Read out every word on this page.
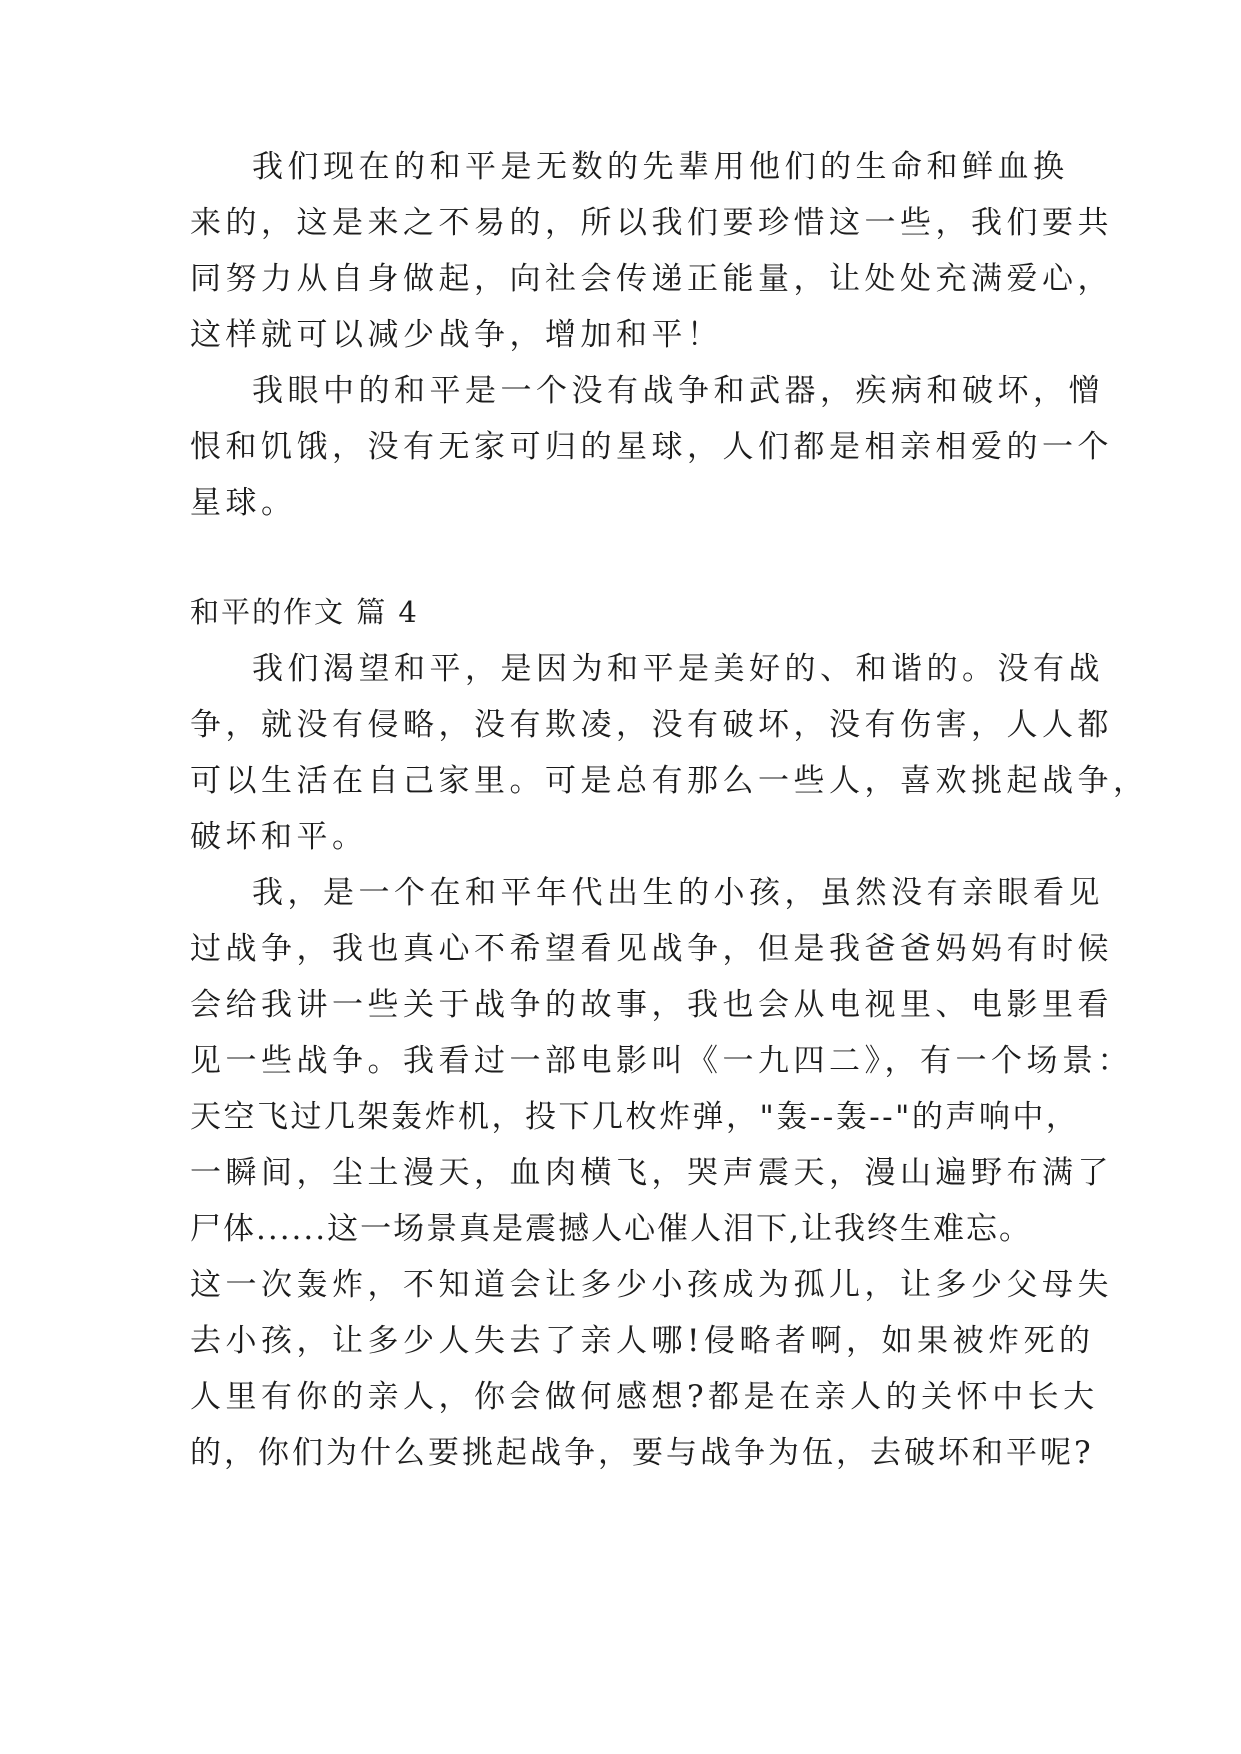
我们现在的和平是无数的先辈用他们的生命和鲜血换

来的，这是来之不易的，所以我们要珍惜这一些，我们要共

同努力从自身做起，向社会传递正能量，让处处充满爱心，

这样就可以减少战争，增加和平！

我眼中的和平是一个没有战争和武器，疾病和破坏，憎

恨和饥饿，没有无家可归的星球，人们都是相亲相爱的一个

星球。

和平的作文 篇 4

我们渴望和平，是因为和平是美好的、和谐的。没有战

争，就没有侵略，没有欺凌，没有破坏，没有伤害，人人都

可以生活在自己家里。可是总有那么一些人，喜欢挑起战争，

破坏和平。

我，是一个在和平年代出生的小孩，虽然没有亲眼看见

过战争，我也真心不希望看见战争，但是我爸爸妈妈有时候

会给我讲一些关于战争的故事，我也会从电视里、电影里看

见一些战争。我看过一部电影叫《一九四二》，有一个场景：

天空飞过几架轰炸机，投下几枚炸弹，"轰--轰--"的声响中，

一瞬间，尘土漫天，血肉横飞，哭声震天，漫山遍野布满了

尸体......这一场景真是震撼人心催人泪下,让我终生难忘。

这一次轰炸，不知道会让多少小孩成为孤儿，让多少父母失

去小孩，让多少人失去了亲人哪!侵略者啊，如果被炸死的

人里有你的亲人，你会做何感想?都是在亲人的关怀中长大

的，你们为什么要挑起战争，要与战争为伍，去破坏和平呢?
